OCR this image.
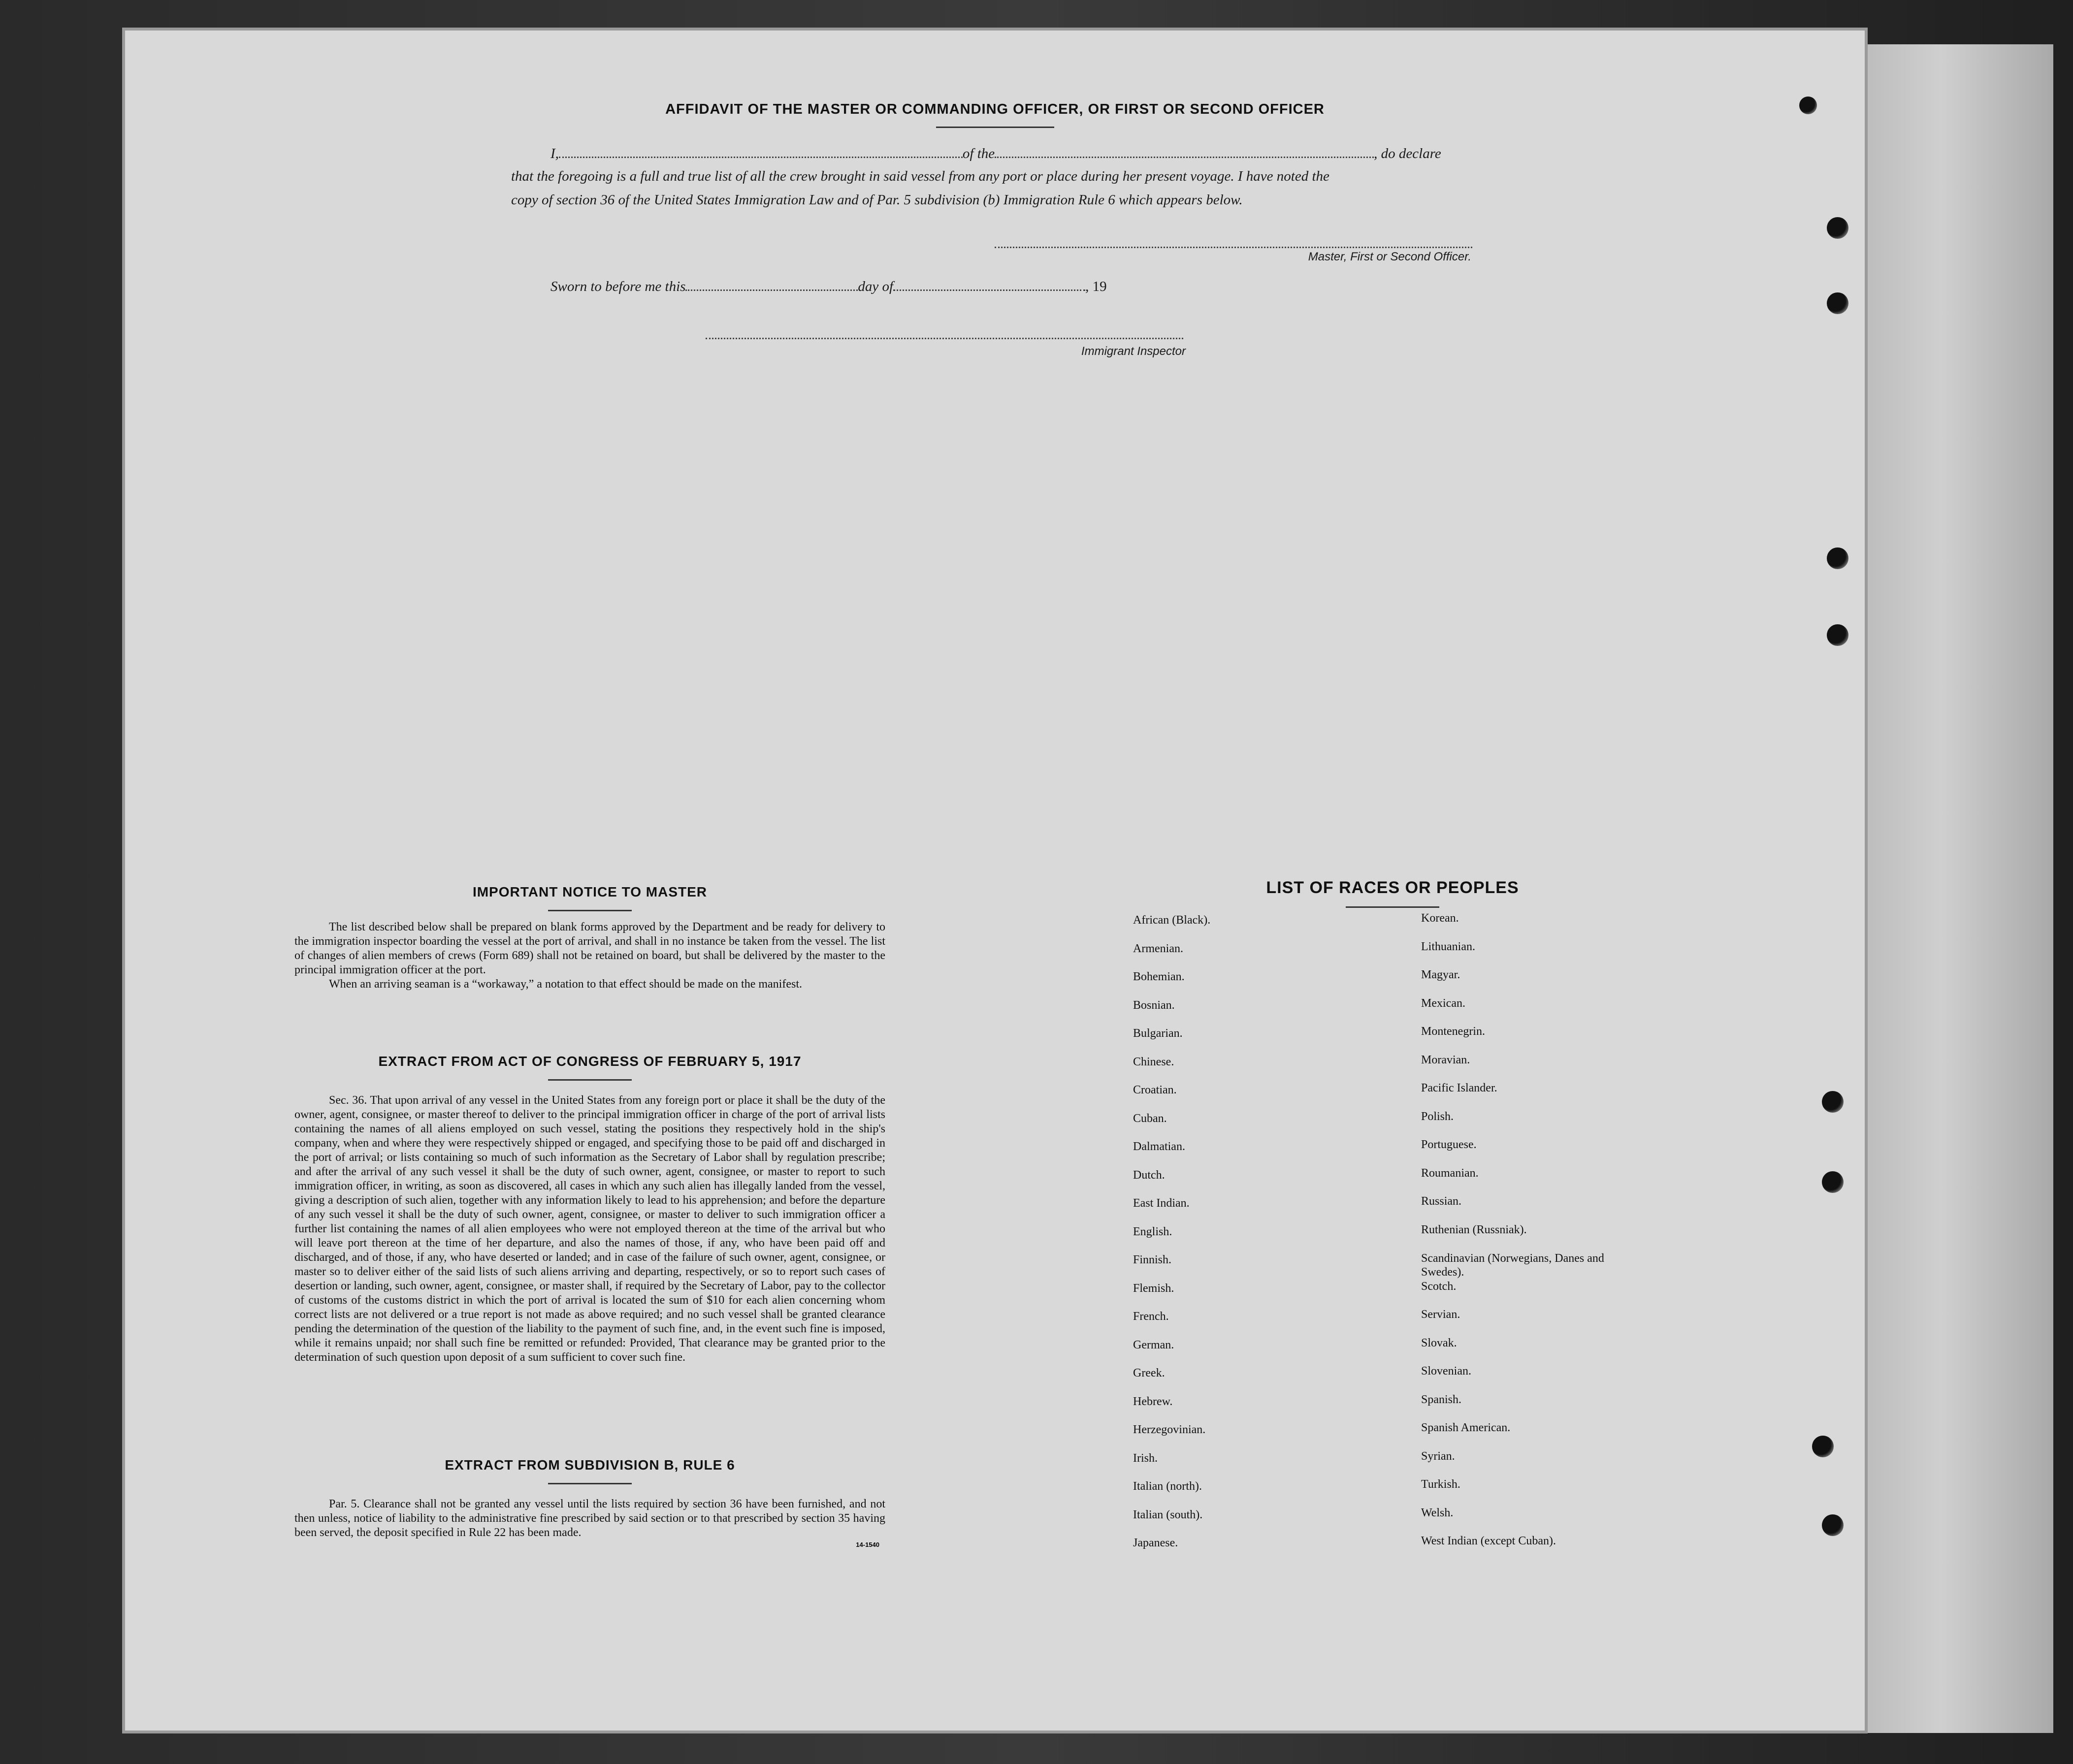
AFFIDAVIT OF THE MASTER OR COMMANDING OFFICER, OR FIRST OR SECOND OFFICER
I,	of the	, do declare
that the foregoing is a full and true list of all the crew brought in said vessel from any port or place during her present voyage. I have noted the
copy of section 36 of the United States Immigration Law and of Par. 5 subdivision (b) Immigration Rule 6 which appears below.
Master, First or Second Officer.
Sworn to before me this	day of	, 19
Immigrant Inspector
IMPORTANT NOTICE TO MASTER
The list described below shall be prepared on blank forms approved by the Department and be ready for delivery to the immigration inspector boarding the vessel at the port of arrival, and shall in no instance be taken from the vessel. The list of changes of alien members of crews (Form 689) shall not be retained on board, but shall be delivered by the master to the principal immigration officer at the port.
When an arriving seaman is a “workaway,” a notation to that effect should be made on the manifest.
EXTRACT FROM ACT OF CONGRESS OF FEBRUARY 5, 1917
Sec. 36. That upon arrival of any vessel in the United States from any foreign port or place it shall be the duty of the owner, agent, consignee, or master thereof to deliver to the principal immigration officer in charge of the port of arrival lists containing the names of all aliens employed on such vessel, stating the positions they respectively hold in the ship's company, when and where they were respectively shipped or engaged, and specifying those to be paid off and discharged in the port of arrival; or lists containing so much of such information as the Secretary of Labor shall by regulation prescribe; and after the arrival of any such vessel it shall be the duty of such owner, agent, consignee, or master to report to such immigration officer, in writing, as soon as discovered, all cases in which any such alien has illegally landed from the vessel, giving a description of such alien, together with any information likely to lead to his apprehension; and before the departure of any such vessel it shall be the duty of such owner, agent, consignee, or master to deliver to such immigration officer a further list containing the names of all alien employees who were not employed thereon at the time of the arrival but who will leave port thereon at the time of her departure, and also the names of those, if any, who have been paid off and discharged, and of those, if any, who have deserted or landed; and in case of the failure of such owner, agent, consignee, or master so to deliver either of the said lists of such aliens arriving and departing, respectively, or so to report such cases of desertion or landing, such owner, agent, consignee, or master shall, if required by the Secretary of Labor, pay to the collector of customs of the customs district in which the port of arrival is located the sum of $10 for each alien concerning whom correct lists are not delivered or a true report is not made as above required; and no such vessel shall be granted clearance pending the determination of the question of the liability to the payment of such fine, and, in the event such fine is imposed, while it remains unpaid; nor shall such fine be remitted or refunded: Provided, That clearance may be granted prior to the determination of such question upon deposit of a sum sufficient to cover such fine.
EXTRACT FROM SUBDIVISION B, RULE 6
Par. 5. Clearance shall not be granted any vessel until the lists required by section 36 have been furnished, and not then unless, notice of liability to the administrative fine prescribed by said section or to that prescribed by section 35 having been served, the deposit specified in Rule 22 has been made.
14-1540
LIST OF RACES OR PEOPLES
African (Black).
Armenian.
Bohemian.
Bosnian.
Bulgarian.
Chinese.
Croatian.
Cuban.
Dalmatian.
Dutch.
East Indian.
English.
Finnish.
Flemish.
French.
German.
Greek.
Hebrew.
Herzegovinian.
Irish.
Italian (north).
Italian (south).
Japanese.
Korean.
Lithuanian.
Magyar.
Mexican.
Montenegrin.
Moravian.
Pacific Islander.
Polish.
Portuguese.
Roumanian.
Russian.
Ruthenian (Russniak).
Scandinavian (Norwegians, Danes and Swedes).
Scotch.
Servian.
Slovak.
Slovenian.
Spanish.
Spanish American.
Syrian.
Turkish.
Welsh.
West Indian (except Cuban).
